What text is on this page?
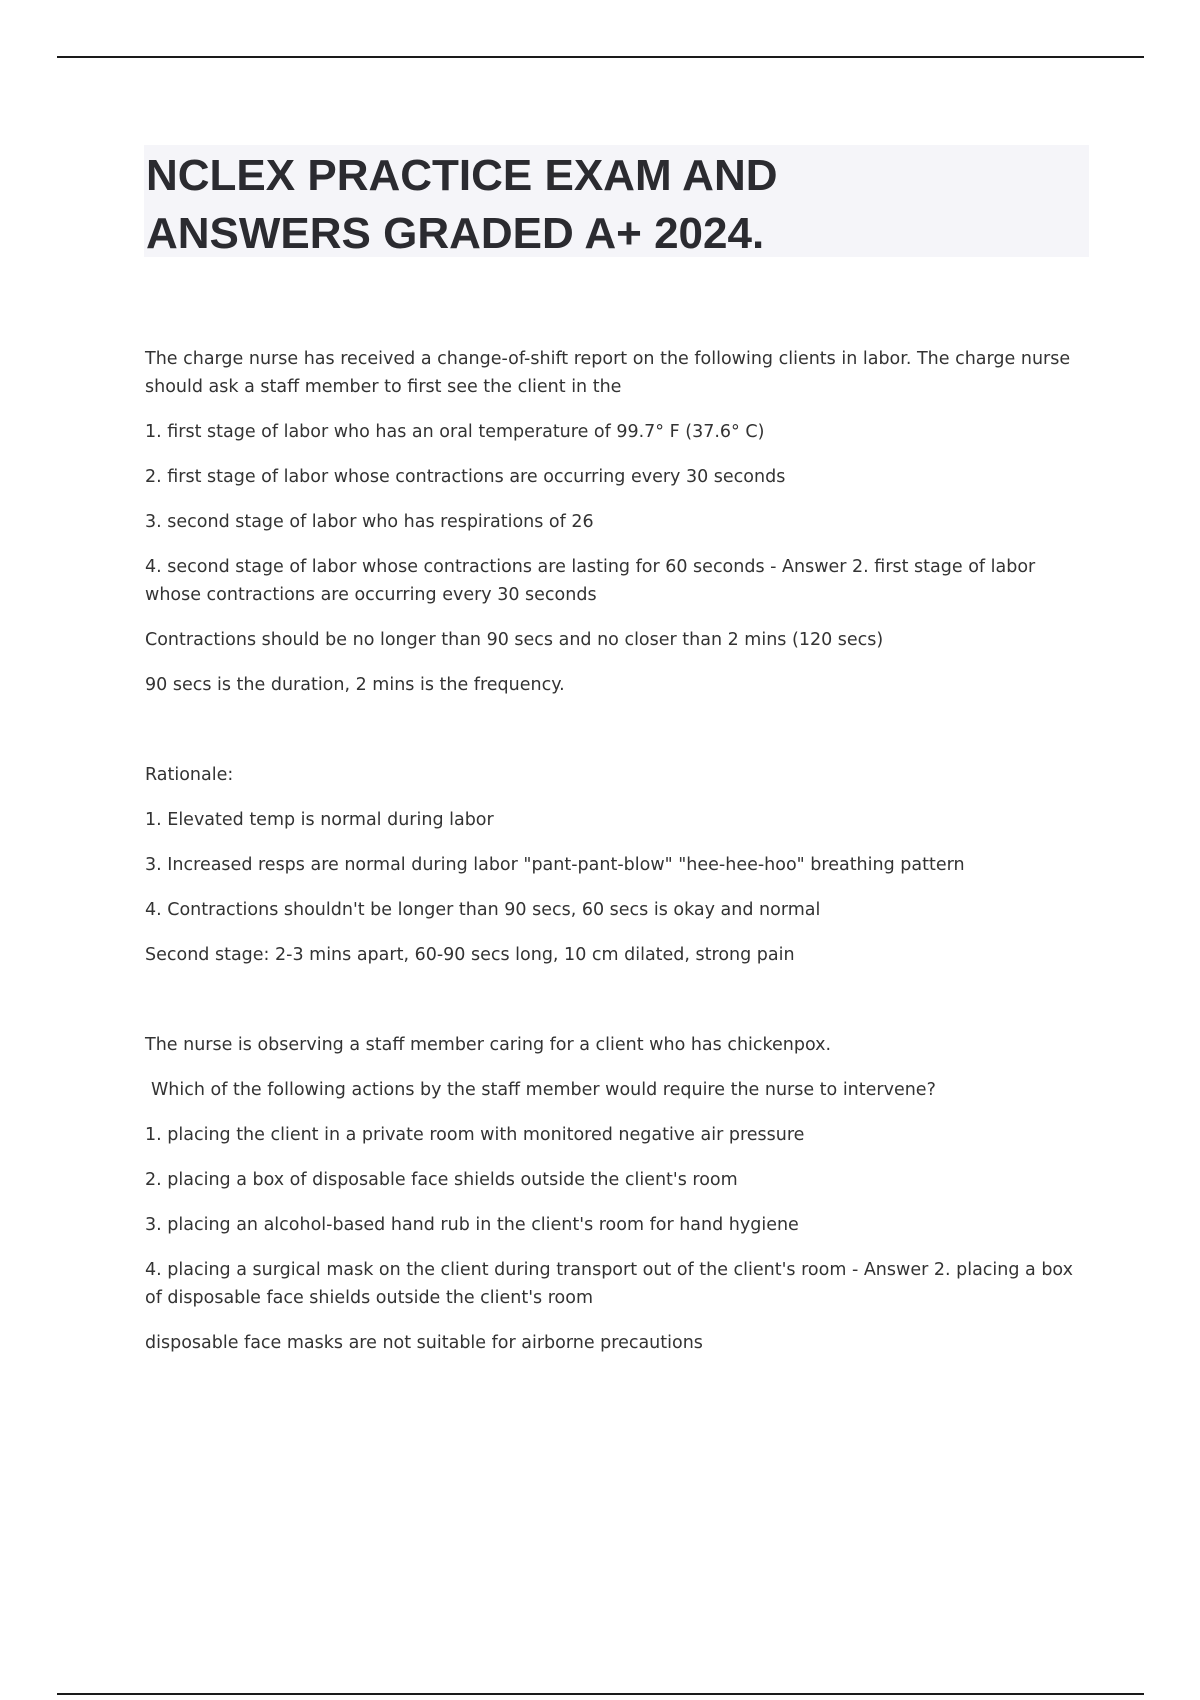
NCLEX PRACTICE EXAM AND
ANSWERS GRADED A+ 2024.

The charge nurse has received a change-of-shift report on the following clients in labor. The charge nurse should ask a staff member to first see the client in the

1. first stage of labor who has an oral temperature of 99.7° F (37.6° C)

2. first stage of labor whose contractions are occurring every 30 seconds

3. second stage of labor who has respirations of 26

4. second stage of labor whose contractions are lasting for 60 seconds - Answer 2. first stage of labor whose contractions are occurring every 30 seconds

Contractions should be no longer than 90 secs and no closer than 2 mins (120 secs)

90 secs is the duration, 2 mins is the frequency.

Rationale:

1. Elevated temp is normal during labor

3. Increased resps are normal during labor "pant-pant-blow" "hee-hee-hoo" breathing pattern

4. Contractions shouldn't be longer than 90 secs, 60 secs is okay and normal

Second stage: 2-3 mins apart, 60-90 secs long, 10 cm dilated, strong pain

The nurse is observing a staff member caring for a client who has chickenpox.

Which of the following actions by the staff member would require the nurse to intervene?

1. placing the client in a private room with monitored negative air pressure

2. placing a box of disposable face shields outside the client's room

3. placing an alcohol-based hand rub in the client's room for hand hygiene

4. placing a surgical mask on the client during transport out of the client's room - Answer 2. placing a box of disposable face shields outside the client's room

disposable face masks are not suitable for airborne precautions
